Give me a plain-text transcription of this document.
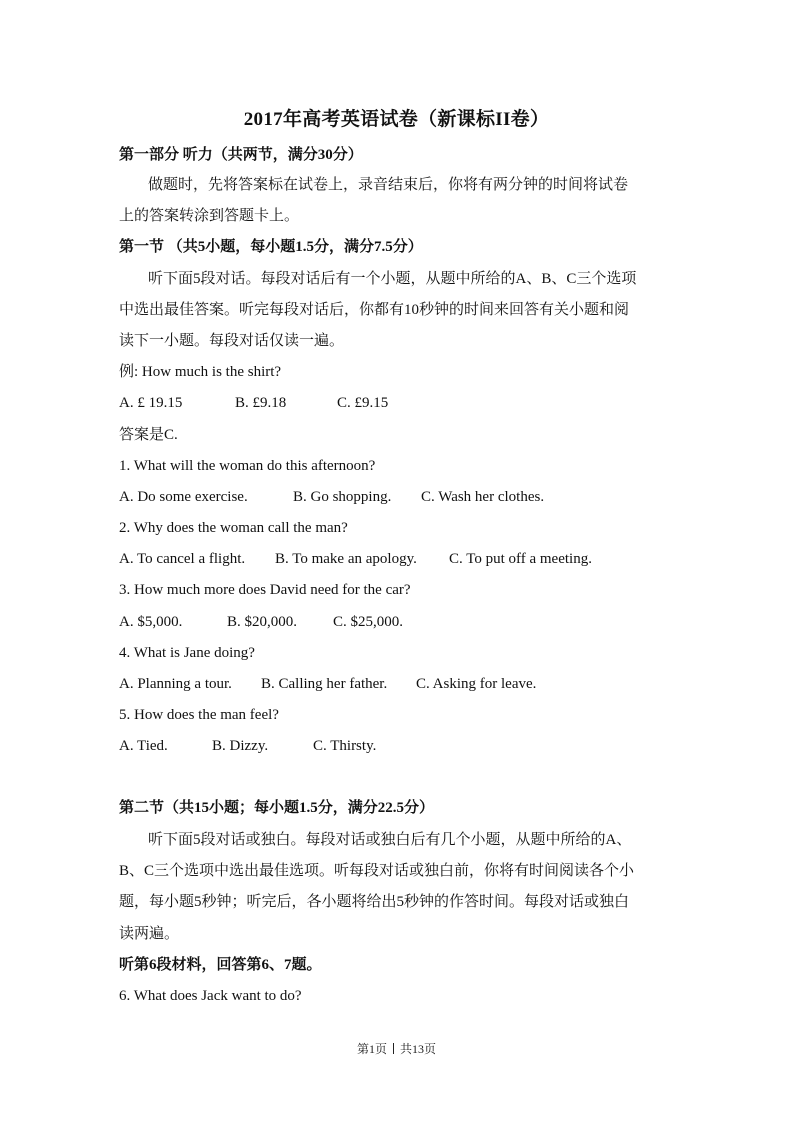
2017年高考英语试卷（新课标II卷）
第一部分 听力（共两节，满分30分）
做题时，先将答案标在试卷上，录音结束后，你将有两分钟的时间将试卷
上的答案转涂到答题卡上。
第一节 （共5小题，每小题1.5分，满分7.5分）
听下面5段对话。每段对话后有一个小题，从题中所给的A、B、C三个选项
中选出最佳答案。听完每段对话后，你都有10秒钟的时间来回答有关小题和阅
读下一小题。每段对话仅读一遍。
例: How much is the shirt?
A. £ 19.15	B. £9.18	C. £9.15
答案是C.
1. What will the woman do this afternoon?
A. Do some exercise.	B. Go shopping. C. Wash her clothes.
2. Why does the woman call the man?
A. To cancel a flight. B. To make an apology. C. To put off a meeting.
3. How much more does David need for the car?
A. $5,000.	B. $20,000. C. $25,000.
4. What is Jane doing?
A. Planning a tour. B. Calling her father. C. Asking for leave.
5. How does the man feel?
A. Tied.	B. Dizzy.	C. Thirsty.
第二节（共15小题；每小题1.5分，满分22.5分）
听下面5段对话或独白。每段对话或独白后有几个小题，从题中所给的A、
B、C三个选项中选出最佳选项。听每段对话或独白前，你将有时间阅读各个小
题，每小题5秒钟；听完后，各小题将给出5秒钟的作答时间。每段对话或独白
读两遍。
听第6段材料，回答第6、7题。
6. What does Jack want to do?
第1页 共13页
